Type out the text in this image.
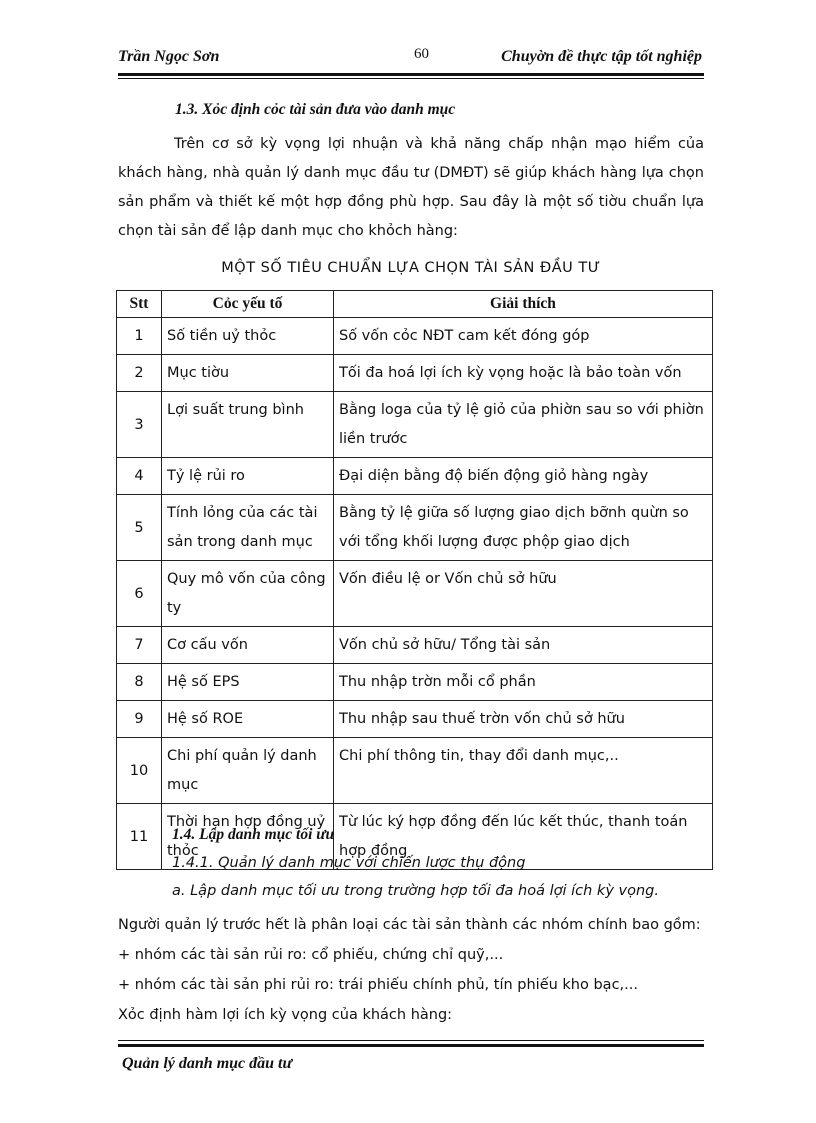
Trần Ngọc Sơn	60	Chuyờn đề thực tập tốt nghiệp
1.3. Xỏc định cỏc tài sản đưa vào danh mục
Trên cơ sở kỳ vọng lợi nhuận và khả năng chấp nhận mạo hiểm của khách hàng, nhà quản lý danh mục đầu tư (DMĐT) sẽ giúp khách hàng lựa chọn sản phẩm và thiết kế một hợp đồng phù hợp. Sau đây là một số tiờu chuẩn lựa chọn tài sản để lập danh mục cho khỏch hàng:
MỘT SỐ TIÊU CHUẨN LỰA CHỌN TÀI SẢN ĐẦU TƯ
Stt	Cỏc yếu tố	Giải thích
1	Số tiền uỷ thỏc	Số vốn cỏc NĐT cam kết đóng góp
2	Mục tiờu	Tối đa hoá lợi ích kỳ vọng hoặc là bảo toàn vốn
3	Lợi suất trung bình	Bằng loga của tỷ lệ giỏ của phiờn sau so với phiờn liền trước
4	Tỷ lệ rủi ro	Đại diện bằng độ biến động giỏ hàng ngày
5	Tính lỏng của các tài sản trong danh mục	Bằng tỷ lệ giữa số lượng giao dịch bỡnh quừn so với tổng khối lượng được phộp giao dịch
6	Quy mô vốn của công ty	Vốn điều lệ or Vốn chủ sở hữu
7	Cơ cấu vốn	Vốn chủ sở hữu/ Tổng tài sản
8	Hệ số EPS	Thu nhập trờn mỗi cổ phần
9	Hệ số ROE	Thu nhập sau thuế trờn vốn chủ sở hữu
10	Chi phí quản lý danh mục	Chi phí thông tin, thay đổi danh mục,..
11	Thời hạn hợp đồng uỷ thỏc	Từ lúc ký hợp đồng đến lúc kết thúc, thanh toán hợp đồng
1.4. Lập danh mục tối ưu
1.4.1. Quản lý danh mục với chiến lược thụ động
a. Lập danh mục tối ưu trong trường hợp tối đa hoá lợi ích kỳ vọng.
Người quản lý trước hết là phân loại các tài sản thành các nhóm chính bao gồm:
+ nhóm các tài sản rủi ro: cổ phiếu, chứng chỉ quỹ,...
+ nhóm các tài sản phi rủi ro: trái phiếu chính phủ, tín phiếu kho bạc,...
Xỏc định hàm lợi ích kỳ vọng của khách hàng:
Quản lý danh mục đầu tư
